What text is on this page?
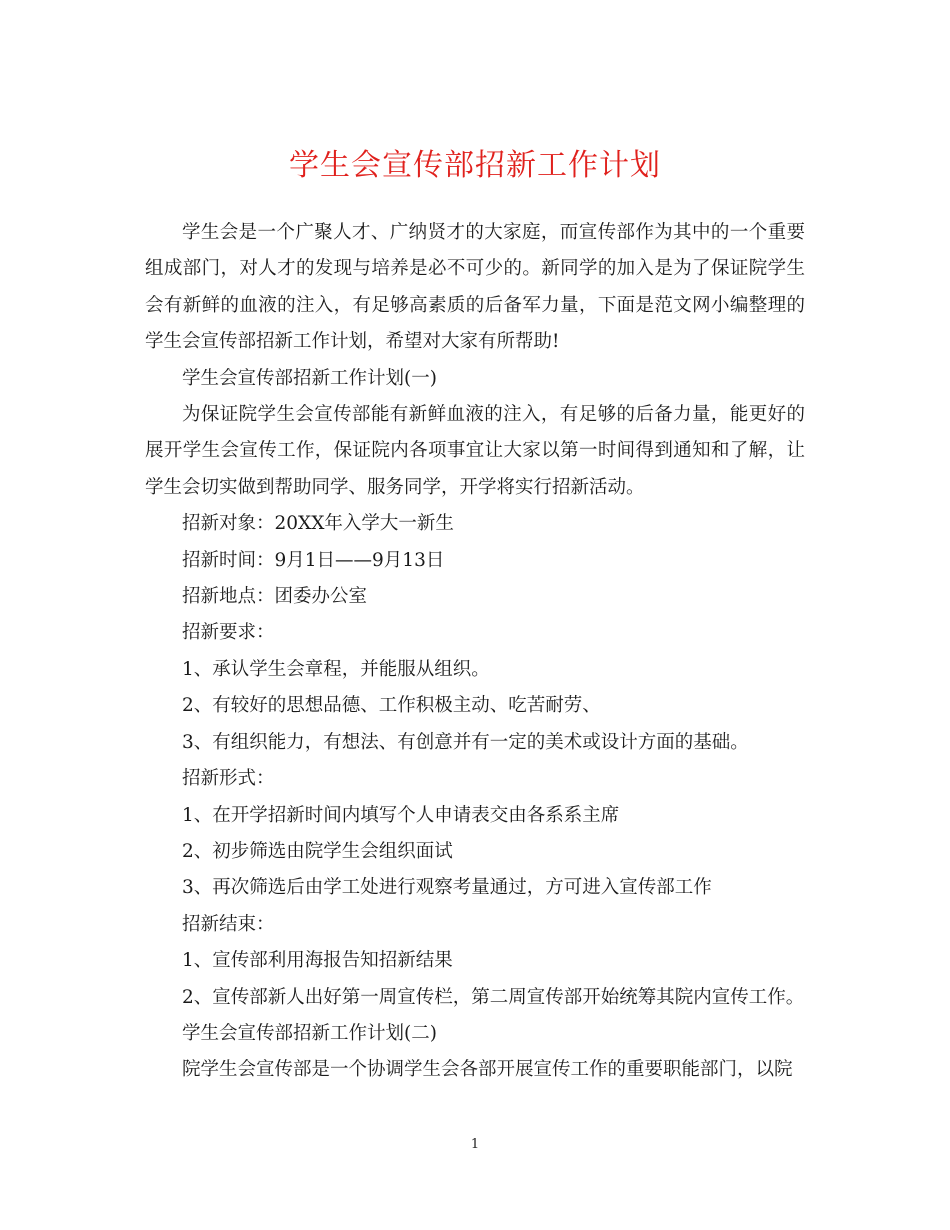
学生会宣传部招新工作计划

学生会是一个广聚人才、广纳贤才的大家庭，而宣传部作为其中的一个重要组成部门，对人才的发现与培养是必不可少的。新同学的加入是为了保证院学生会有新鲜的血液的注入，有足够高素质的后备军力量，下面是范文网小编整理的学生会宣传部招新工作计划，希望对大家有所帮助!

学生会宣传部招新工作计划(一)

为保证院学生会宣传部能有新鲜血液的注入，有足够的后备力量，能更好的展开学生会宣传工作，保证院内各项事宜让大家以第一时间得到通知和了解，让学生会切实做到帮助同学、服务同学，开学将实行招新活动。

招新对象：20XX年入学大一新生

招新时间：9月1日——9月13日

招新地点：团委办公室

招新要求：

1、承认学生会章程，并能服从组织。

2、有较好的思想品德、工作积极主动、吃苦耐劳、

3、有组织能力，有想法、有创意并有一定的美术或设计方面的基础。

招新形式：

1、在开学招新时间内填写个人申请表交由各系系主席

2、初步筛选由院学生会组织面试

3、再次筛选后由学工处进行观察考量通过，方可进入宣传部工作

招新结束：

1、宣传部利用海报告知招新结果

2、宣传部新人出好第一周宣传栏，第二周宣传部开始统筹其院内宣传工作。

学生会宣传部招新工作计划(二)

院学生会宣传部是一个协调学生会各部开展宣传工作的重要职能部门，以院

1
